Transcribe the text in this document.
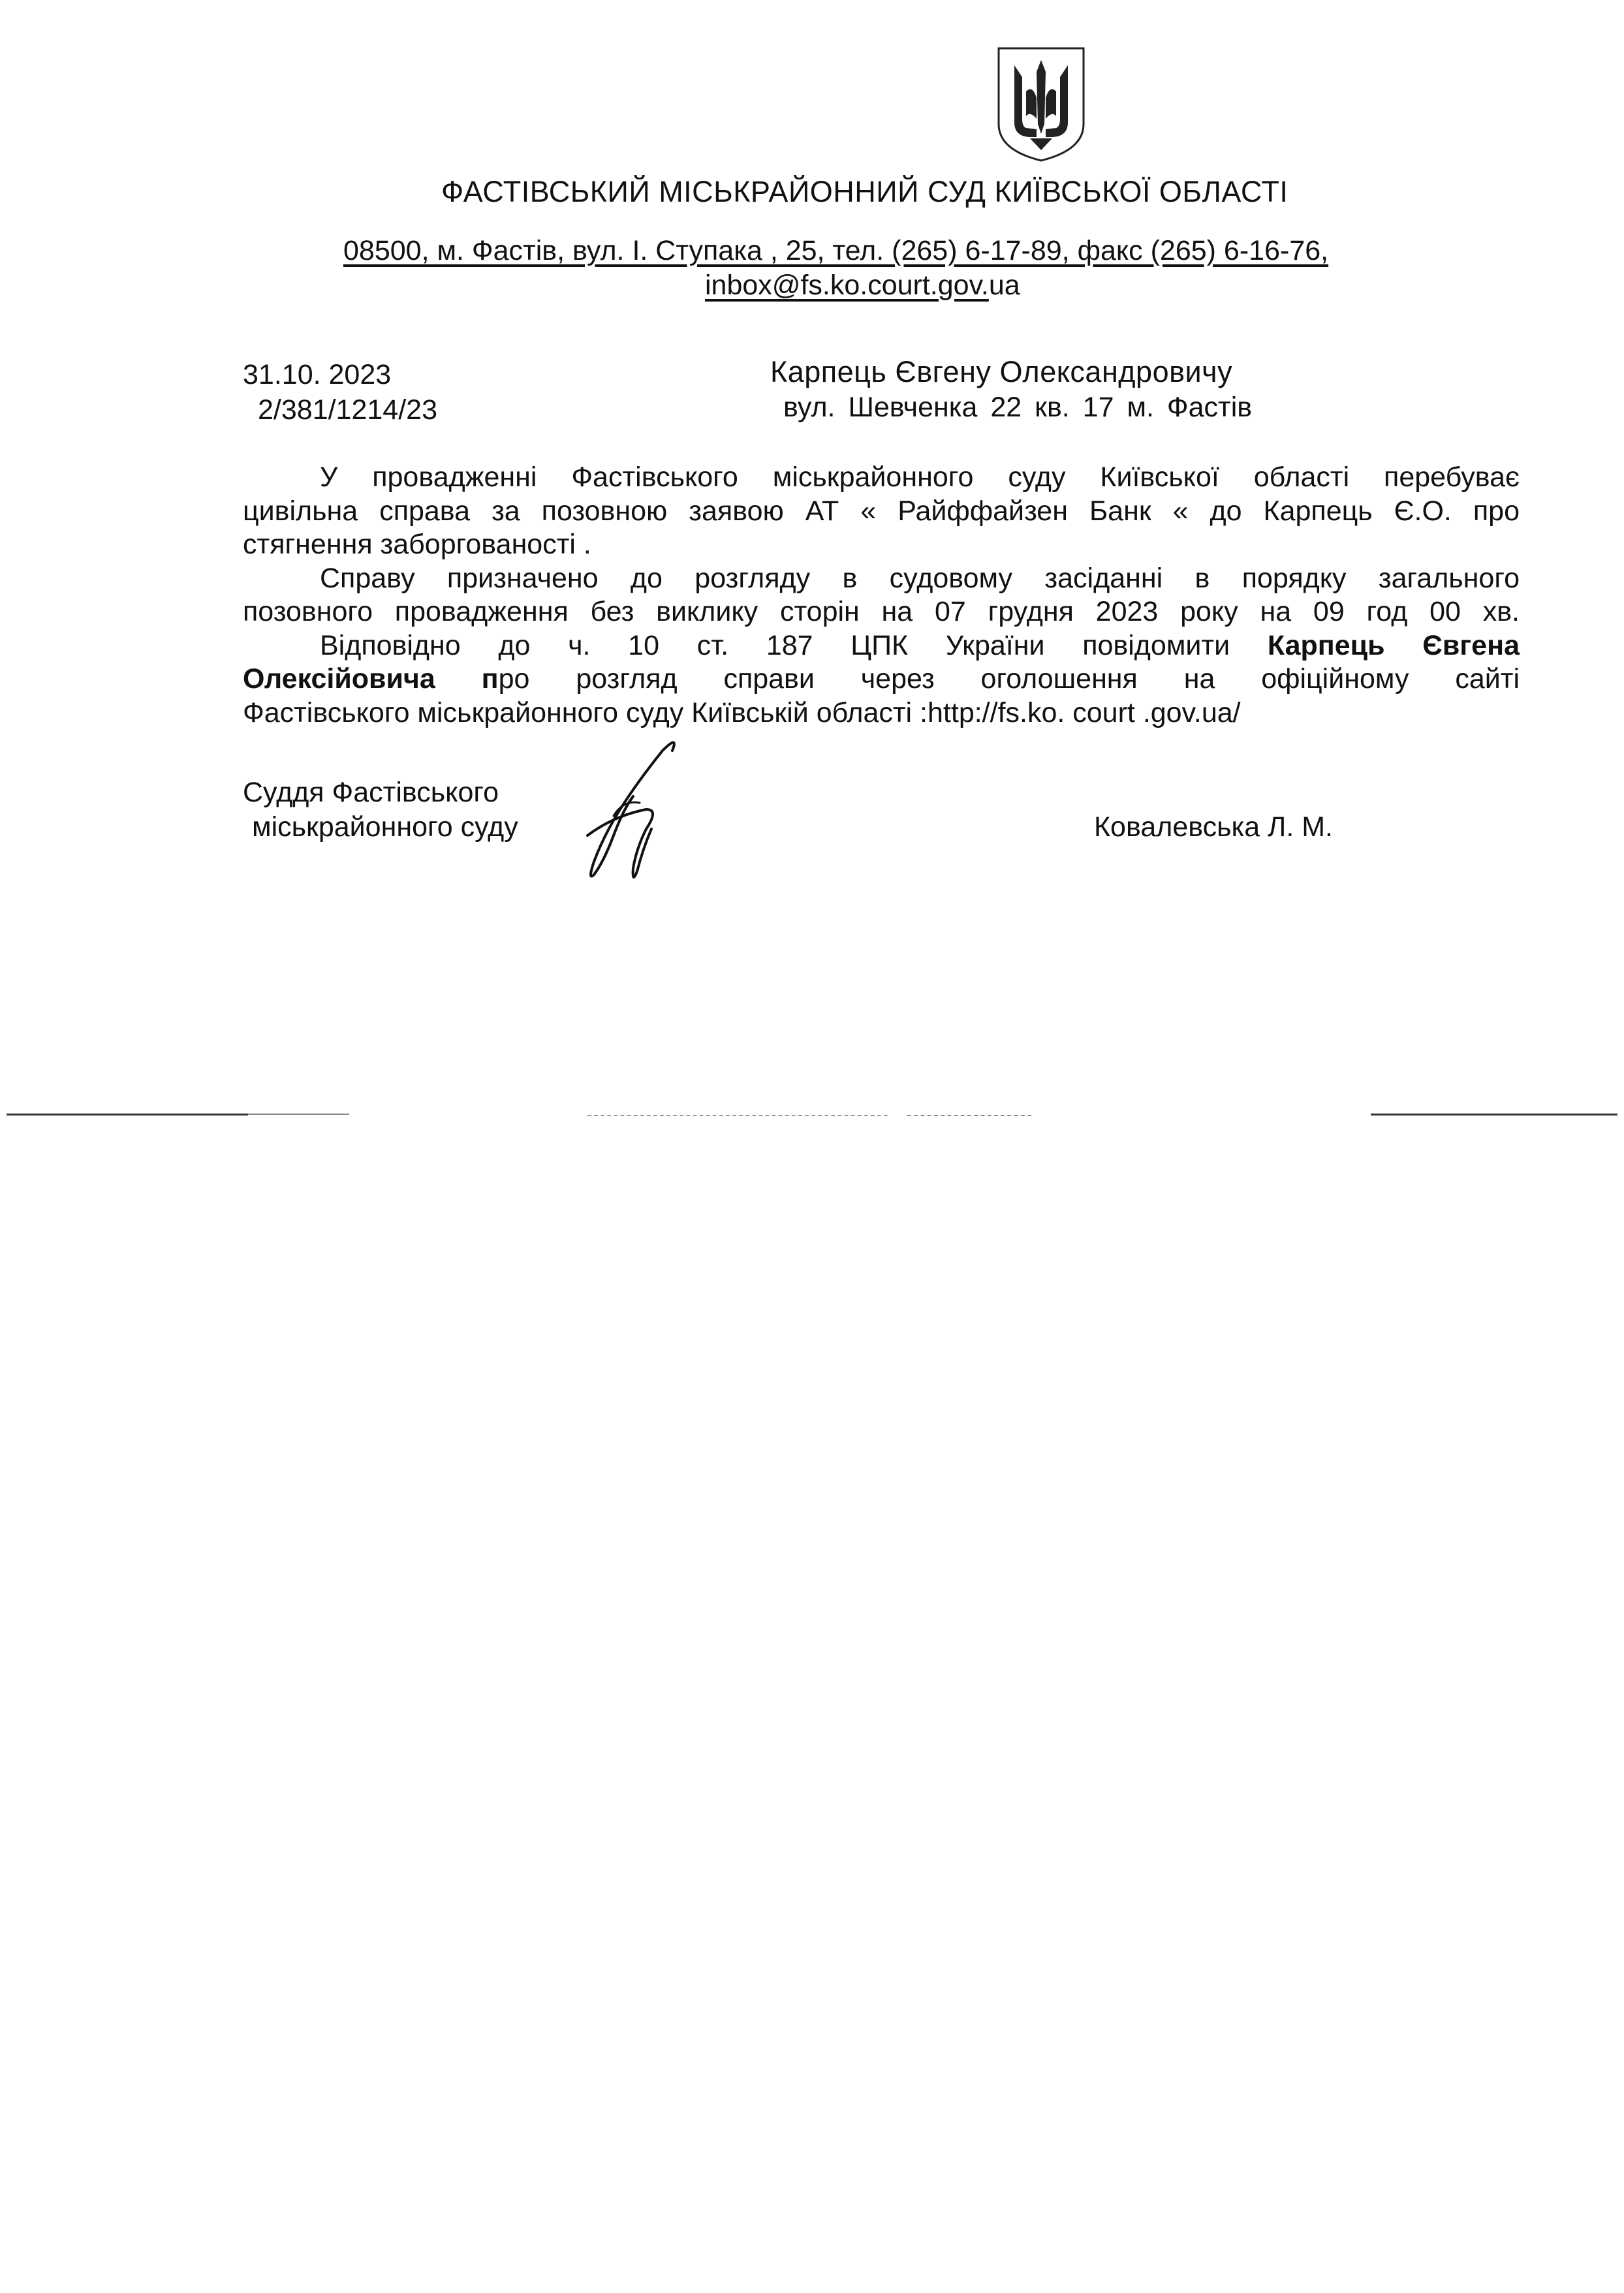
ФАСТІВСЬКИЙ МІСЬКРАЙОННИЙ СУД КИЇВСЬКОЇ ОБЛАСТІ
08500, м. Фастів, вул. І. Ступака , 25, тел. (265) 6-17-89, факс (265) 6-16-76,
inbox@fs.ko.court.gov.ua
31.10. 2023
2/381/1214/23
Карпець Євгену Олександровичу
вул. Шевченка 22 кв. 17 м. Фастів
У провадженні Фастівського міськрайонного суду Київської області перебуває
цивільна справа за позовною заявою АТ « Райффайзен Банк « до Карпець Є.О. про
стягнення заборгованості .
Справу призначено до розгляду в судовому засіданні в порядку загального
позовного провадження без виклику сторін на 07 грудня 2023 року на 09 год 00 хв.
Відповідно до ч. 10 ст. 187 ЦПК України повідомити Карпець Євгена
Олексійовича про розгляд справи через оголошення на офіційному сайті
Фастівського міськрайонного суду Київській області :http://fs.ko. court .gov.ua/
Суддя Фастівського
міськрайонного суду	Ковалевська Л. М.
